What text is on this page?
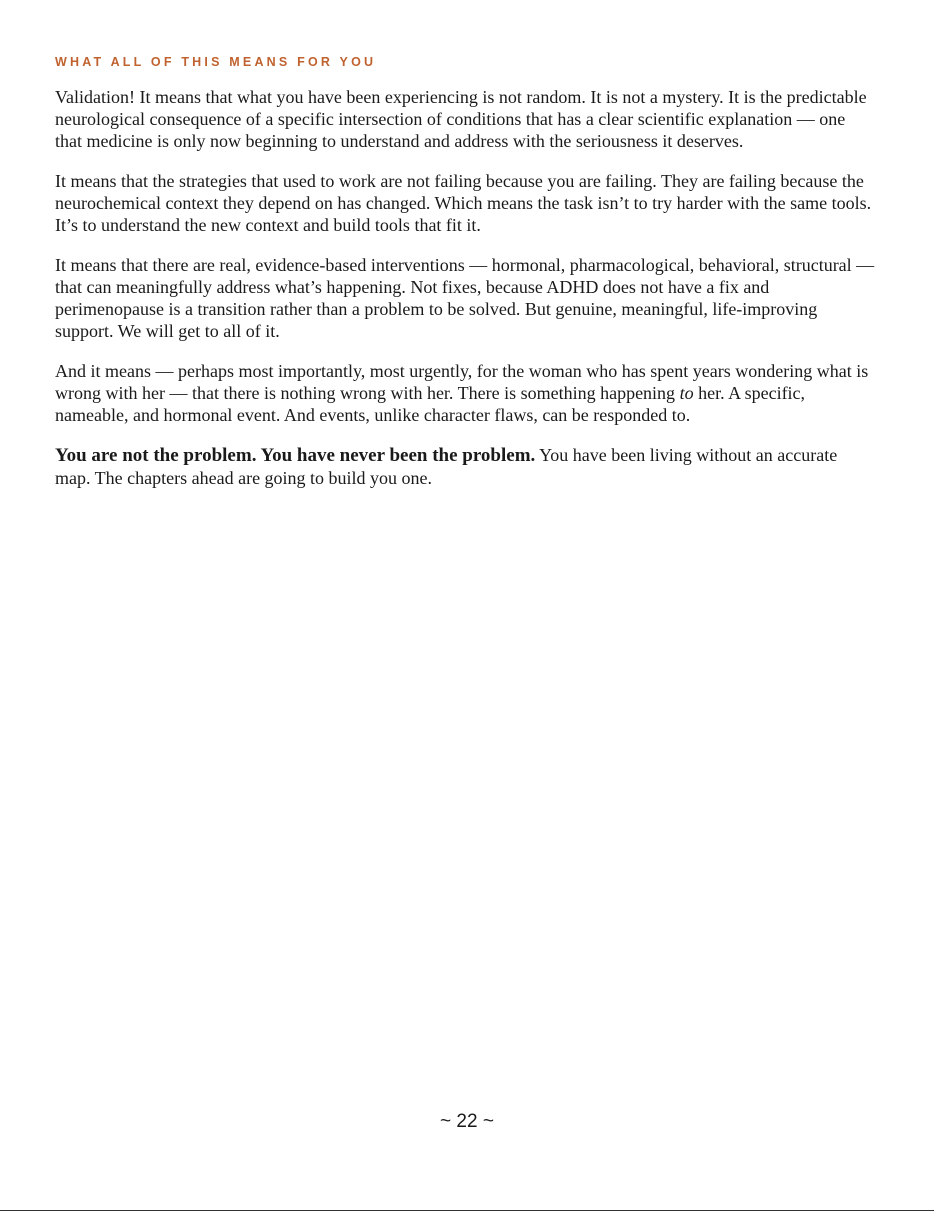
WHAT ALL OF THIS MEANS FOR YOU

Validation! It means that what you have been experiencing is not random. It is not a mystery. It is the predictable neurological consequence of a specific intersection of conditions that has a clear scientific explanation — one that medicine is only now beginning to understand and address with the seriousness it deserves.

It means that the strategies that used to work are not failing because you are failing. They are failing because the neurochemical context they depend on has changed. Which means the task isn’t to try harder with the same tools. It’s to understand the new context and build tools that fit it.

It means that there are real, evidence-based interventions — hormonal, pharmacological, behavioral, structural — that can meaningfully address what’s happening. Not fixes, because ADHD does not have a fix and perimenopause is a transition rather than a problem to be solved. But genuine, meaningful, life-improving support. We will get to all of it.

And it means — perhaps most importantly, most urgently, for the woman who has spent years wondering what is wrong with her — that there is nothing wrong with her. There is something happening to her. A specific, nameable, and hormonal event. And events, unlike character flaws, can be responded to.

You are not the problem. You have never been the problem. You have been living without an accurate map. The chapters ahead are going to build you one.

~ 22 ~
